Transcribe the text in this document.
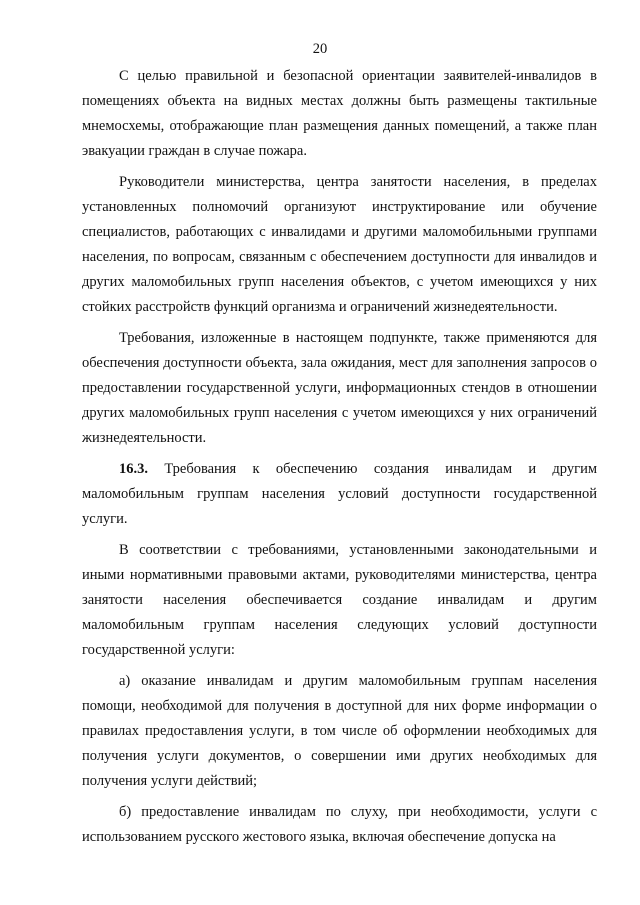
20

С целью правильной и безопасной ориентации заявителей-инвалидов в помещениях объекта на видных местах должны быть размещены тактильные мнемосхемы, отображающие план размещения данных помещений, а также план эвакуации граждан в случае пожара.

Руководители министерства, центра занятости населения, в пределах установленных полномочий организуют инструктирование или обучение специалистов, работающих с инвалидами и другими маломобильными группами населения, по вопросам, связанным с обеспечением доступности для инвалидов и других маломобильных групп населения объектов, с учетом имеющихся у них стойких расстройств функций организма и ограничений жизнедеятельности.

Требования, изложенные в настоящем подпункте, также применяются для обеспечения доступности объекта, зала ожидания, мест для заполнения запросов о предоставлении государственной услуги, информационных стендов в отношении других маломобильных групп населения с учетом имеющихся у них ограничений жизнедеятельности.

16.3. Требования к обеспечению создания инвалидам и другим маломобильным группам населения условий доступности государственной услуги.

В соответствии с требованиями, установленными законодательными и иными нормативными правовыми актами, руководителями министерства, центра занятости населения обеспечивается создание инвалидам и другим маломобильным группам населения следующих условий доступности государственной услуги:

а) оказание инвалидам и другим маломобильным группам населения помощи, необходимой для получения в доступной для них форме информации о правилах предоставления услуги, в том числе об оформлении необходимых для получения услуги документов, о совершении ими других необходимых для получения услуги действий;

б) предоставление инвалидам по слуху, при необходимости, услуги с использованием русского жестового языка, включая обеспечение допуска на
